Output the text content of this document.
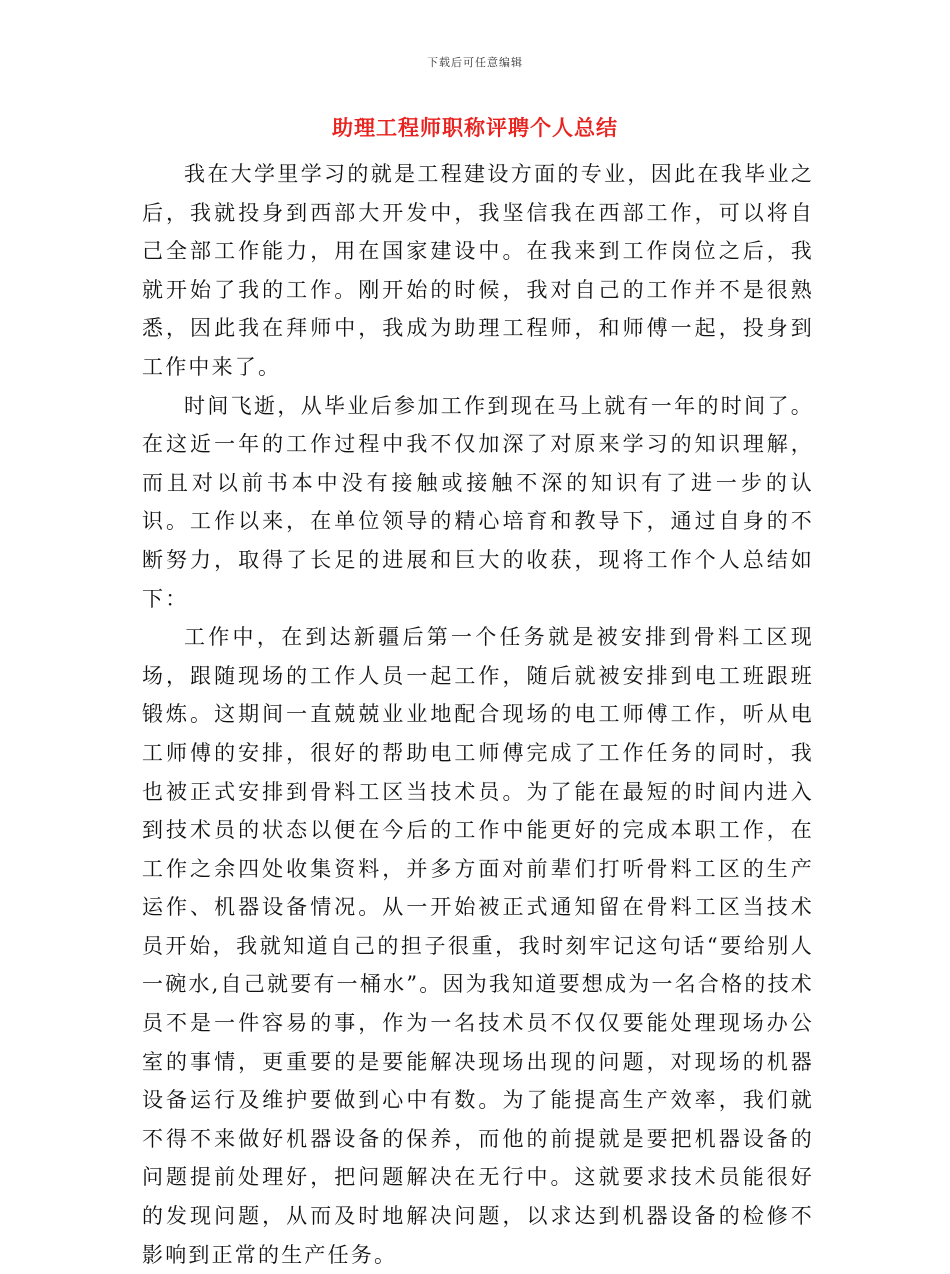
下载后可任意编辑
助理工程师职称评聘个人总结

我在大学里学习的就是工程建设方面的专业，因此在我毕业之后，我就投身到西部大开发中，我坚信我在西部工作，可以将自己全部工作能力，用在国家建设中。在我来到工作岗位之后，我就开始了我的工作。刚开始的时候，我对自己的工作并不是很熟悉，因此我在拜师中，我成为助理工程师，和师傅一起，投身到工作中来了。

时间飞逝，从毕业后参加工作到现在马上就有一年的时间了。在这近一年的工作过程中我不仅加深了对原来学习的知识理解，而且对以前书本中没有接触或接触不深的知识有了进一步的认识。工作以来，在单位领导的精心培育和教导下，通过自身的不断努力，取得了长足的进展和巨大的收获，现将工作个人总结如下：

工作中，在到达新疆后第一个任务就是被安排到骨料工区现场，跟随现场的工作人员一起工作，随后就被安排到电工班跟班锻炼。这期间一直兢兢业业地配合现场的电工师傅工作，听从电工师傅的安排，很好的帮助电工师傅完成了工作任务的同时，我也被正式安排到骨料工区当技术员。为了能在最短的时间内进入到技术员的状态以便在今后的工作中能更好的完成本职工作，在工作之余四处收集资料，并多方面对前辈们打听骨料工区的生产运作、机器设备情况。从一开始被正式通知留在骨料工区当技术员开始，我就知道自己的担子很重，我时刻牢记这句话“要给别人一碗水,自己就要有一桶水”。因为我知道要想成为一名合格的技术员不是一件容易的事，作为一名技术员不仅仅要能处理现场办公室的事情，更重要的是要能解决现场出现的问题，对现场的机器设备运行及维护要做到心中有数。为了能提高生产效率，我们就不得不来做好机器设备的保养，而他的前提就是要把机器设备的问题提前处理好，把问题解决在无行中。这就要求技术员能很好的发现问题，从而及时地解决问题，以求达到机器设备的检修不影响到正常的生产任务。
